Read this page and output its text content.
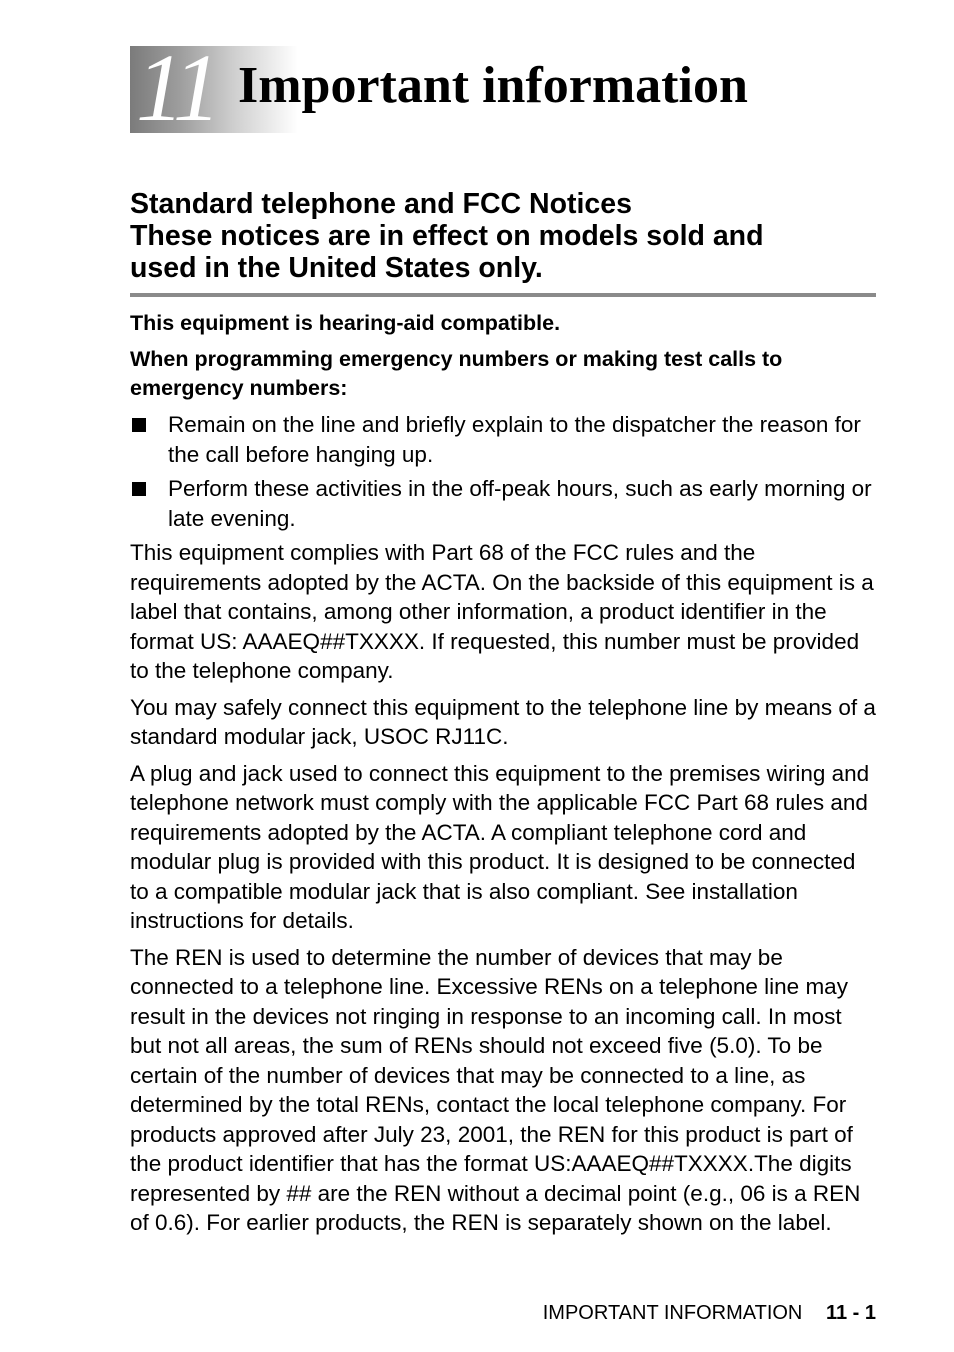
11 Important information
Standard telephone and FCC Notices
These notices are in effect on models sold and
used in the United States only.

This equipment is hearing-aid compatible.

When programming emergency numbers or making test calls to emergency numbers:

Remain on the line and briefly explain to the dispatcher the reason for the call before hanging up.
Perform these activities in the off-peak hours, such as early morning or late evening.

This equipment complies with Part 68 of the FCC rules and the requirements adopted by the ACTA. On the backside of this equipment is a label that contains, among other information, a product identifier in the format US: AAAEQ##TXXXX. If requested, this number must be provided to the telephone company.

You may safely connect this equipment to the telephone line by means of a standard modular jack, USOC RJ11C.

A plug and jack used to connect this equipment to the premises wiring and telephone network must comply with the applicable FCC Part 68 rules and requirements adopted by the ACTA. A compliant telephone cord and modular plug is provided with this product. It is designed to be connected to a compatible modular jack that is also compliant. See installation instructions for details.

The REN is used to determine the number of devices that may be connected to a telephone line. Excessive RENs on a telephone line may result in the devices not ringing in response to an incoming call. In most but not all areas, the sum of RENs should not exceed five (5.0). To be certain of the number of devices that may be connected to a line, as determined by the total RENs, contact the local telephone company. For products approved after July 23, 2001, the REN for this product is part of the product identifier that has the format US:AAAEQ##TXXXX.The digits represented by ## are the REN without a decimal point (e.g., 06 is a REN of 0.6). For earlier products, the REN is separately shown on the label.

IMPORTANT INFORMATION 11 - 1
